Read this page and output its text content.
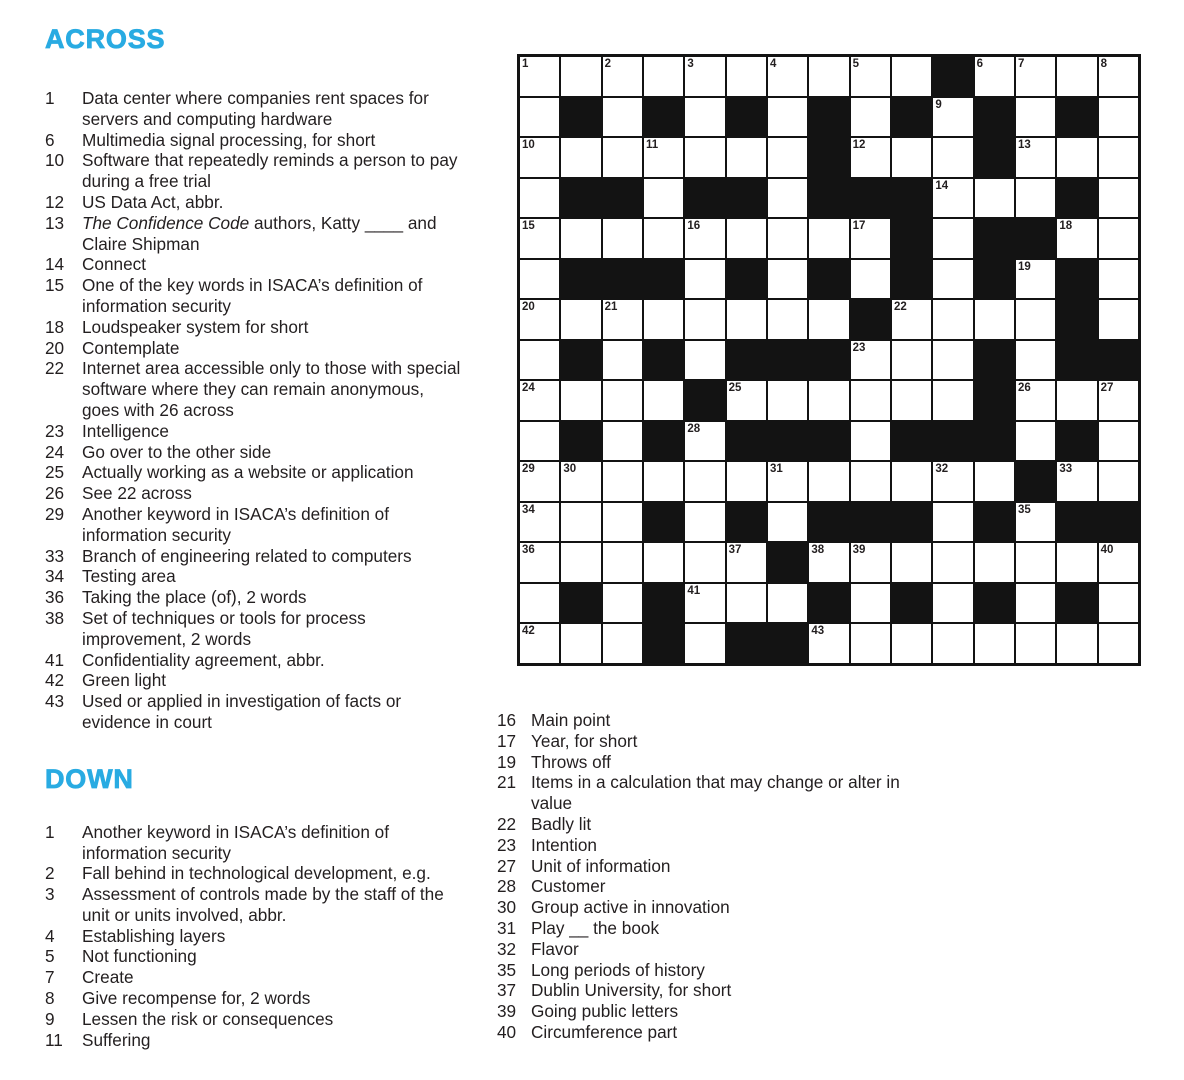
ACROSS
1	Data center where companies rent spaces for servers and computing hardware
6	Multimedia signal processing, for short
10	Software that repeatedly reminds a person to pay during a free trial
12	US Data Act, abbr.
13	The Confidence Code authors, Katty ____ and Claire Shipman
14	Connect
15	One of the key words in ISACA’s definition of information security
18	Loudspeaker system for short
20	Contemplate
22	Internet area accessible only to those with special software where they can remain anonymous, goes with 26 across
23	Intelligence
24	Go over to the other side
25	Actually working as a website or application
26	See 22 across
29	Another keyword in ISACA’s definition of information security
33	Branch of engineering related to computers
34	Testing area
36	Taking the place (of), 2 words
38	Set of techniques or tools for process improvement, 2 words
41	Confidentiality agreement, abbr.
42	Green light
43	Used or applied in investigation of facts or evidence in court
DOWN
1	Another keyword in ISACA’s definition of information security
2	Fall behind in technological development, e.g.
3	Assessment of controls made by the staff of the unit or units involved, abbr.
4	Establishing layers
5	Not functioning
7	Create
8	Give recompense for, 2 words
9	Lessen the risk or consequences
11	Suffering
1	2	3	4	5	6	7	8
9
10	11	12	13
14
15	16	17	18
19
20	21	22
23
24	25	26	27
28
29 30	31	32	33
34	35
36	37	38 39	40
41
42	43
16 Main point
17 Year, for short
19 Throws off
21 Items in a calculation that may change or alter in value
22 Badly lit
23 Intention
27 Unit of information
28 Customer
30 Group active in innovation
31 Play __ the book
32 Flavor
35 Long periods of history
37 Dublin University, for short
39 Going public letters
40 Circumference part
